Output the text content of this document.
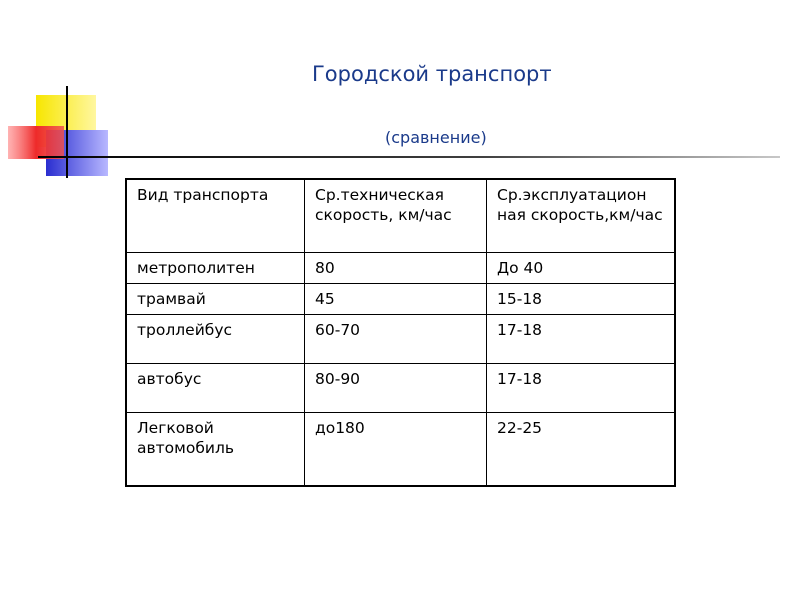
Городской транспорт
(сравнение)
Вид транспорта	Ср.техническая скорость, км/час	Ср.эксплуатацион ная скорость,км/час
метрополитен	80	До 40
трамвай	45	15-18
троллейбус	60-70	17-18
автобус	80-90	17-18
Легковой автомобиль	до180	22-25
